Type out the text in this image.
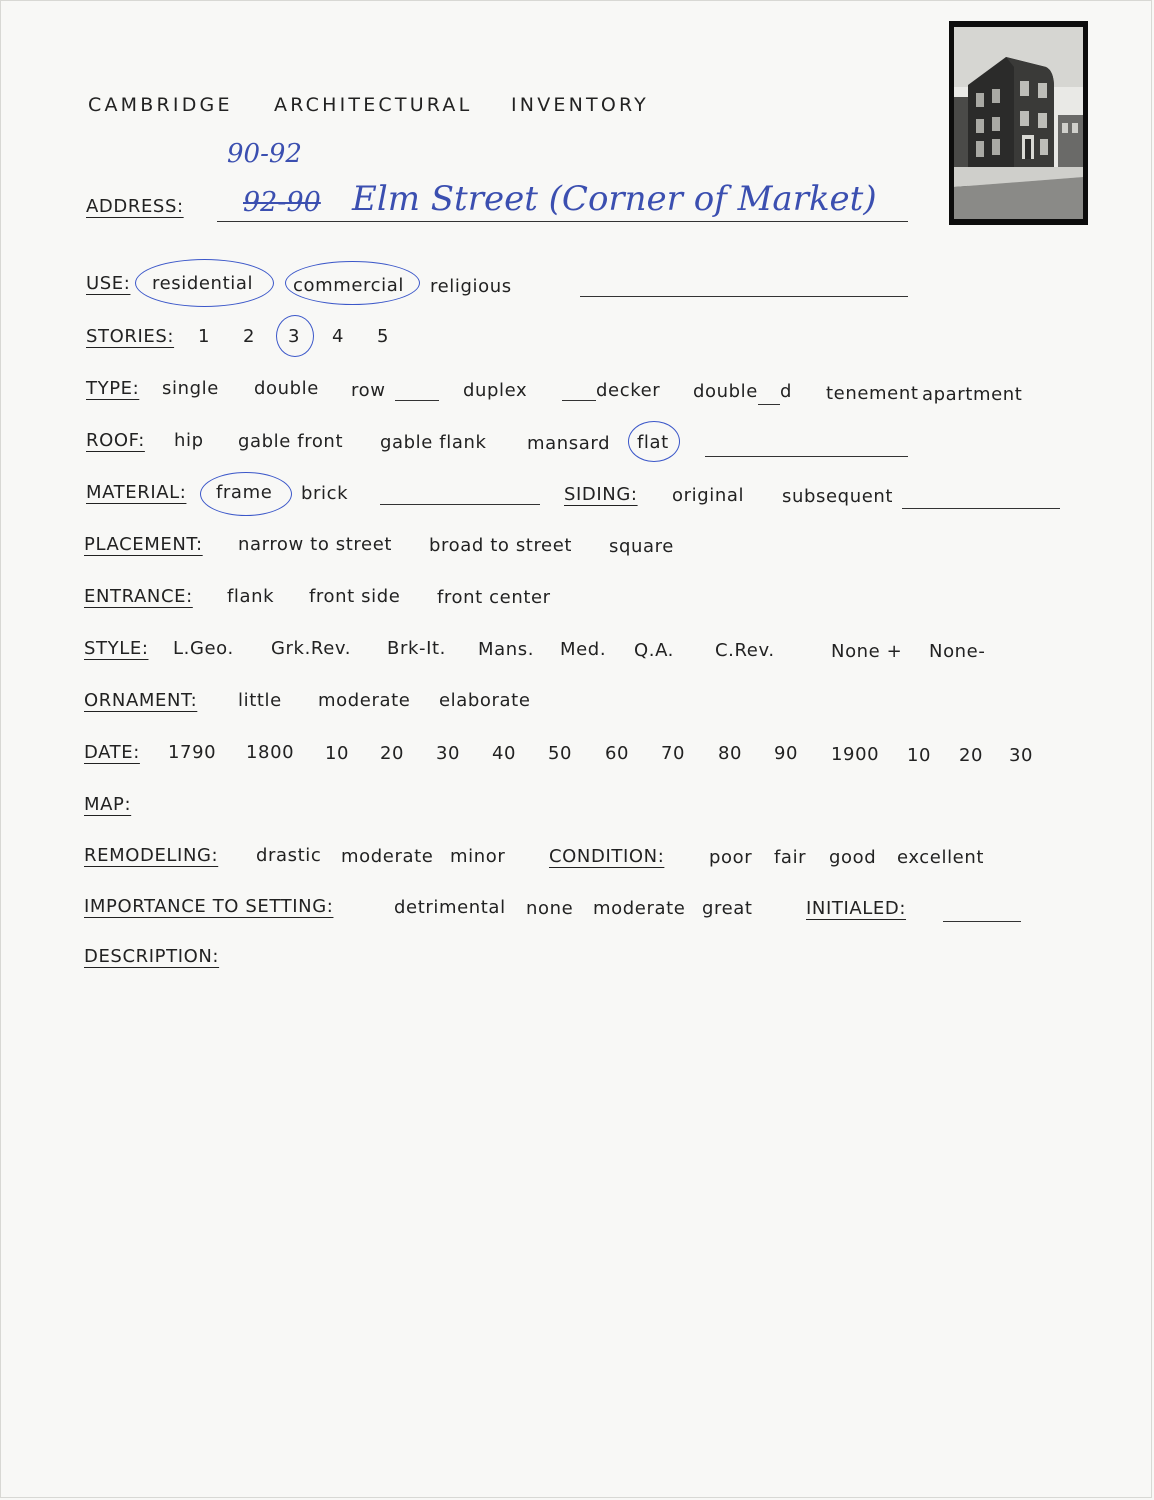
CAMBRIDGE ARCHITECTURAL INVENTORY
ADDRESS:
90-92
92-90 Elm Street (Corner of Market)
USE: residential commercial religious
STORIES: 1 2 3 4 5
TYPE: single double row	duplex	decker double d tenement apartment
ROOF: hip gable front gable flank mansard flat
MATERIAL: frame brick	SIDING: original subsequent
PLACEMENT: narrow to street broad to street square
ENTRANCE: flank front side front center
STYLE: L.Geo. Grk.Rev. Brk-It. Mans. Med. Q.A. C.Rev.	None + None-
ORNAMENT: little moderate elaborate
DATE: 1790 1800 10 20 30 40 50 60 70 80 90 1900 10 20 30
MAP:
REMODELING: drastic moderate minor CONDITION: poor fair good excellent
IMPORTANCE TO SETTING:	detrimental none moderate great	INITIALED:
DESCRIPTION:
